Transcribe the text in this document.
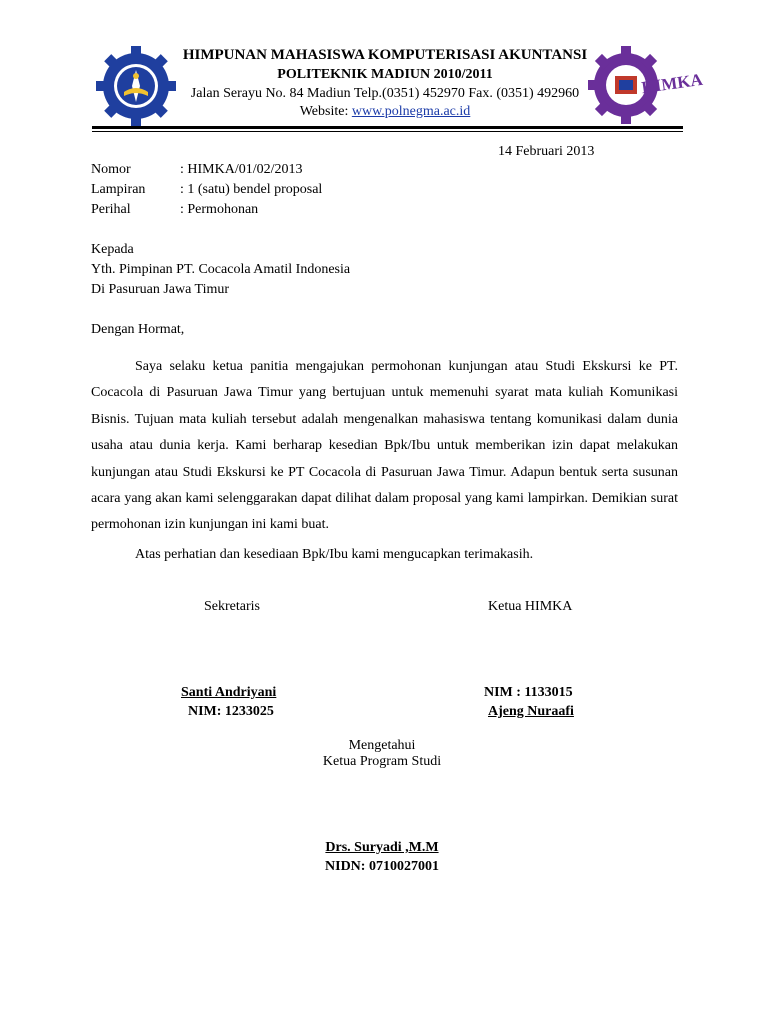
HIMKA
HIMPUNAN MAHASISWA KOMPUTERISASI AKUNTANSI
POLITEKNIK MADIUN 2010/2011
Jalan Serayu No. 84 Madiun Telp.(0351) 452970 Fax. (0351) 492960
Website: www.polnegma.ac.id
14 Februari 2013
Nomor	: HIMKA/01/02/2013
Lampiran	: 1 (satu) bendel proposal
Perihal	: Permohonan
Kepada
Yth. Pimpinan PT. Cocacola Amatil Indonesia
Di Pasuruan Jawa Timur
Dengan Hormat,
Saya selaku ketua panitia mengajukan permohonan kunjungan atau Studi Ekskursi ke PT. Cocacola di Pasuruan Jawa Timur yang bertujuan untuk memenuhi syarat mata kuliah Komunikasi Bisnis. Tujuan mata kuliah tersebut adalah mengenalkan mahasiswa tentang komunikasi dalam dunia usaha atau dunia kerja. Kami berharap kesedian Bpk/Ibu untuk memberikan izin dapat melakukan kunjungan atau Studi Ekskursi ke PT Cocacola di Pasuruan Jawa Timur. Adapun bentuk serta susunan acara yang akan kami selenggarakan dapat dilihat dalam proposal yang kami lampirkan. Demikian surat permohonan izin kunjungan ini kami buat.
Atas perhatian dan kesediaan Bpk/Ibu kami mengucapkan terimakasih.
Sekretaris	Ketua HIMKA
Santi Andriyani
NIM: 1233025
NIM : 1133015
Ajeng Nuraafi
Mengetahui
Ketua Program Studi
Drs. Suryadi ,M.M
NIDN: 0710027001
